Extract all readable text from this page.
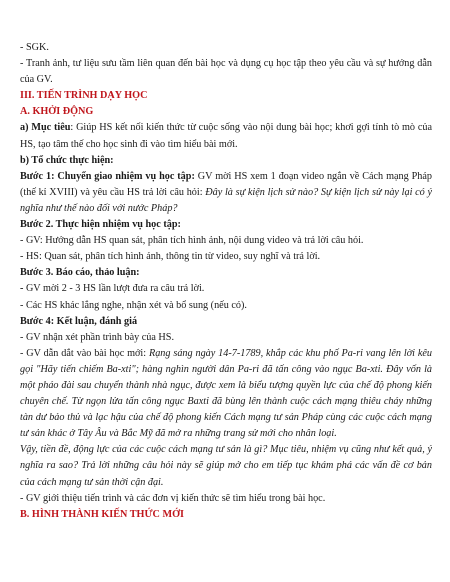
- SGK.

- Tranh ảnh, tư liệu sưu tầm liên quan đến bài học và dụng cụ học tập theo yêu cầu và sự hướng dẫn của GV.

III. TIẾN TRÌNH DẠY HỌC

A. KHỞI ĐỘNG

a) Mục tiêu: Giúp HS kết nối kiến thức từ cuộc sống vào nội dung bài học; khơi gợi tính tò mò của HS, tạo tâm thế cho học sinh đi vào tìm hiểu bài mới.

b) Tổ chức thực hiện:

Bước 1: Chuyển giao nhiệm vụ học tập: GV mời HS xem 1 đoạn video ngắn về Cách mạng Pháp (thế kỉ XVIII) và yêu cầu HS trả lời câu hỏi: Đây là sự kiện lịch sử nào? Sự kiện lịch sử này lại có ý nghĩa như thế nào đối với nước Pháp?

Bước 2. Thực hiện nhiệm vụ học tập:

- GV: Hướng dẫn HS quan sát, phân tích hình ảnh, nội dung video và trả lời câu hỏi.

- HS: Quan sát, phân tích hình ảnh, thông tin từ video, suy nghĩ và trả lời.

Bước 3. Báo cáo, thảo luận:

- GV mời 2 - 3 HS lần lượt đưa ra câu trả lời.

- Các HS khác lắng nghe, nhận xét và bổ sung (nếu có).

Bước 4: Kết luận, đánh giá

- GV nhận xét phần trình bày của HS.

- GV dẫn dắt vào bài học mới: Rạng sáng ngày 14-7-1789, khắp các khu phố Pa-ri vang lên lời kêu gọi "Hãy tiến chiếm Ba-xti"; hàng nghìn người dân Pa-ri đã tấn công vào ngục Ba-xti. Đây vốn là một pháo đài sau chuyển thành nhà ngục, được xem là biểu tượng quyền lực của chế độ phong kiến chuyên chế. Từ ngọn lửa tấn công ngục Baxti đã bùng lên thành cuộc cách mạng thiêu cháy những tàn dư bảo thủ và lạc hậu của chế độ phong kiến Cách mạng tư sản Pháp cùng các cuộc cách mạng tư sản khác ở Tây Âu và Bắc Mỹ đã mở ra những trang sử mới cho nhân loại.

Vậy, tiền đề, động lực của các cuộc cách mạng tư sản là gì? Mục tiêu, nhiệm vụ cũng như kết quả, ý nghĩa ra sao? Trả lời những câu hỏi này sẽ giúp mở cho em tiếp tục khám phá các vấn đề cơ bản của cách mạng tư sản thời cận đại.

- GV giới thiệu tiến trình và các đơn vị kiến thức sẽ tìm hiểu trong bài học.

B. HÌNH THÀNH KIẾN THỨC MỚI
